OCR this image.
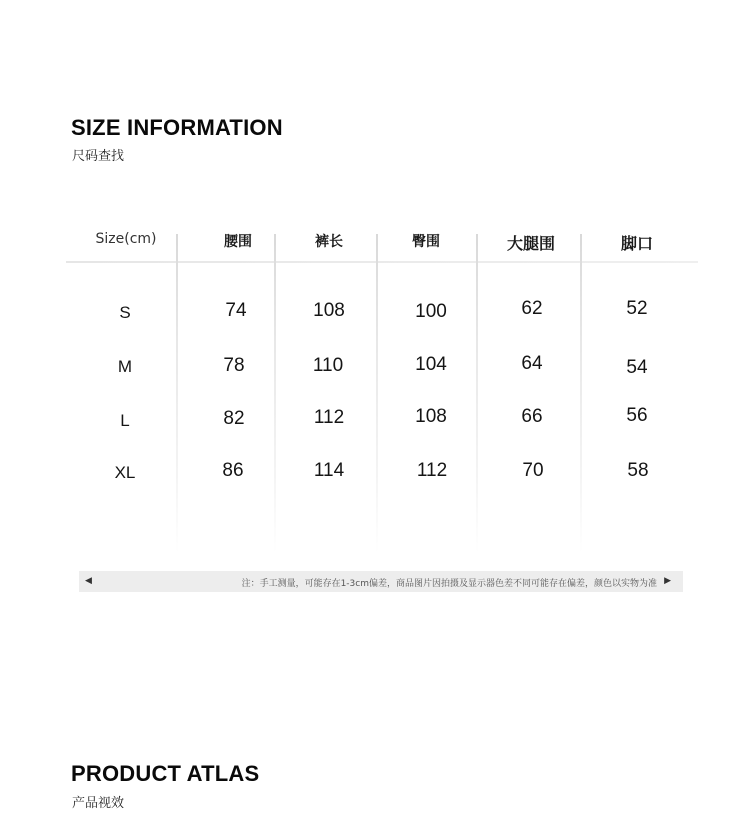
SIZE INFORMATION
尺码查找
Size(cm)	腰围	裤长	臀围	大腿围	脚口
S	74	108	100	62	52
M	78	110	104	64	54
L	82	112	108	66	56
XL	86	114	112	70	58
◀	注：手工测量，可能存在1-3cm偏差，商品图片因拍摄及显示器色差不同可能存在偏差，颜色以实物为准 ▶
PRODUCT ATLAS
产品视效
